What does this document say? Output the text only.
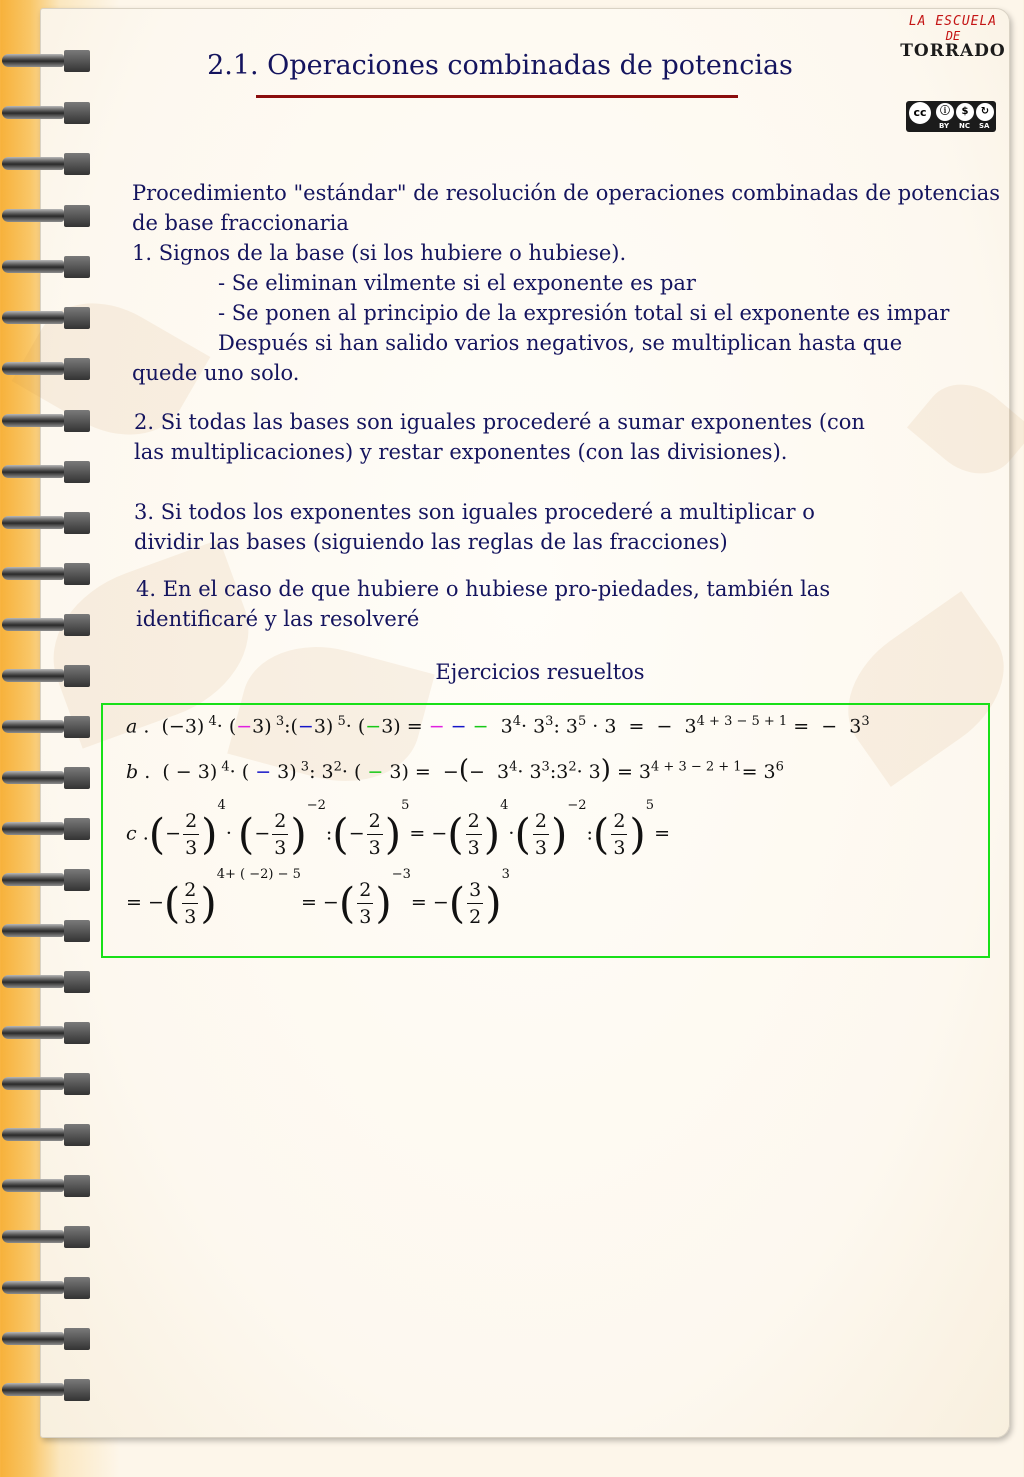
2.1. Operaciones combinadas de potencias
LA ESCUELA
DE
TORRADO
cc	ⓘ	$	↻
BY NC SA
Procedimiento "estándar" de resolución de operaciones combinadas de potencias
de base fraccionaria
1. Signos de la base (si los hubiere o hubiese).
- Se eliminan vilmente si el exponente es par
- Se ponen al principio de la expresión total si el exponente es impar
Después si han salido varios negativos, se multiplican hasta que
quede uno solo.
2. Si todas las bases son iguales procederé a sumar exponentes (con
las multiplicaciones) y restar exponentes (con las divisiones).
3. Si todos los exponentes son iguales procederé a multiplicar o
dividir las bases (siguiendo las reglas de las fracciones)
4. En el caso de que hubiere o hubiese pro-piedades, también las
identificaré y las resolveré
Ejercicios resueltos
a .  (−3) $^4$· (−3) $^3$:(−3) $^5$· (−3) = − − −  $3^4\cdot 3^3$: $3^5 \cdot 3$  =  −  $3^{4 + 3 - 5 + 1}$ =  −  $3^3$
b .  ( − 3) $^4$· ( − 3) $^3$: $3^2\cdot$ ( − 3) =  −(−  $3^4\cdot$ $3^3:3^2\cdot 3) = 3^{4 + 3 - 2 + 1}= 3^6$
c .(− $\frac{2}{3} )4\cdot$ (− $\frac{2}{3}$ )−2:(− $\frac{2}{3} )5=$ −( $\frac{2}{3} )4\cdot( \frac{2}{3}$ )−2:( $\frac{2}{3} )5=$
= −( $\frac{2}{3} )4+$ ( −2) − 5= −( $\frac{2}{3} )-3=$ −( $\frac{3}{2} )3$
